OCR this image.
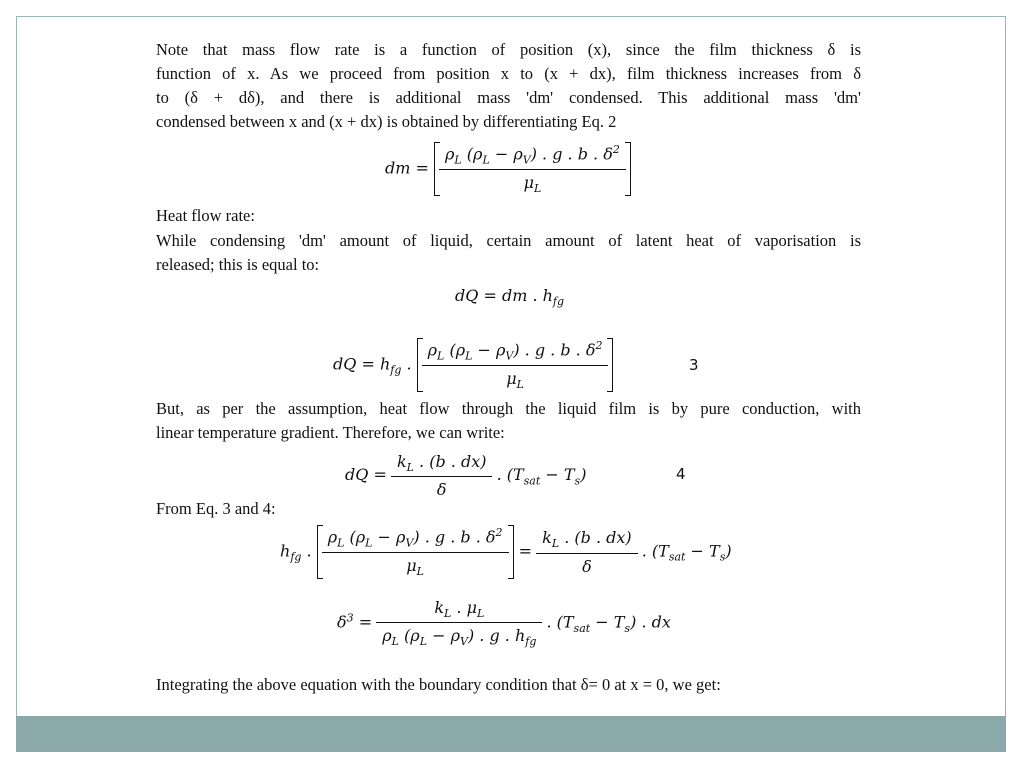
Note that mass flow rate is a function of position (x), since the film thickness δ is

function of x. As we proceed from position x to (x + dx), film thickness increases from δ

to (δ + dδ), and there is additional mass 'dm' condensed. This additional mass 'dm'

condensed between x and (x + dx) is obtained by differentiating Eq. 2

dm = $\frac{\rho_L (\rho_L - \rho_V) . g . b . \delta^2}{\mu_L}$

Heat flow rate:

While condensing 'dm' amount of liquid, certain amount of latent heat of vaporisation is

released; this is equal to:

dQ = dm . $h_{fg}$
dQ = $h_{fg}$ . $\frac{\rho_L (\rho_L - \rho_V) . g . b . \delta^2}{\mu_L}$	3

But, as per the assumption, heat flow through the liquid film is by pure conduction, with

linear temperature gradient. Therefore, we can write:

dQ = $\frac{k_L . (b . dx)}{\delta}$ . $(T_{sat} - T_s)$	4

From Eq. 3 and 4:

$h_{fg}$ . $\frac{\rho_L (\rho_L - \rho_V) . g . b . \delta^2}{\mu_L} = \frac{k_L . (b . dx)}{\delta}$ . $(T_{sat} - T_s)$
$\delta^3 = \frac{k_L . \mu_L}{\rho_L (\rho_L - \rho_V) . g . h_{fg}}$ . $(T_{sat} - T_s)$ . dx

Integrating the above equation with the boundary condition that δ= 0 at x = 0, we get:
